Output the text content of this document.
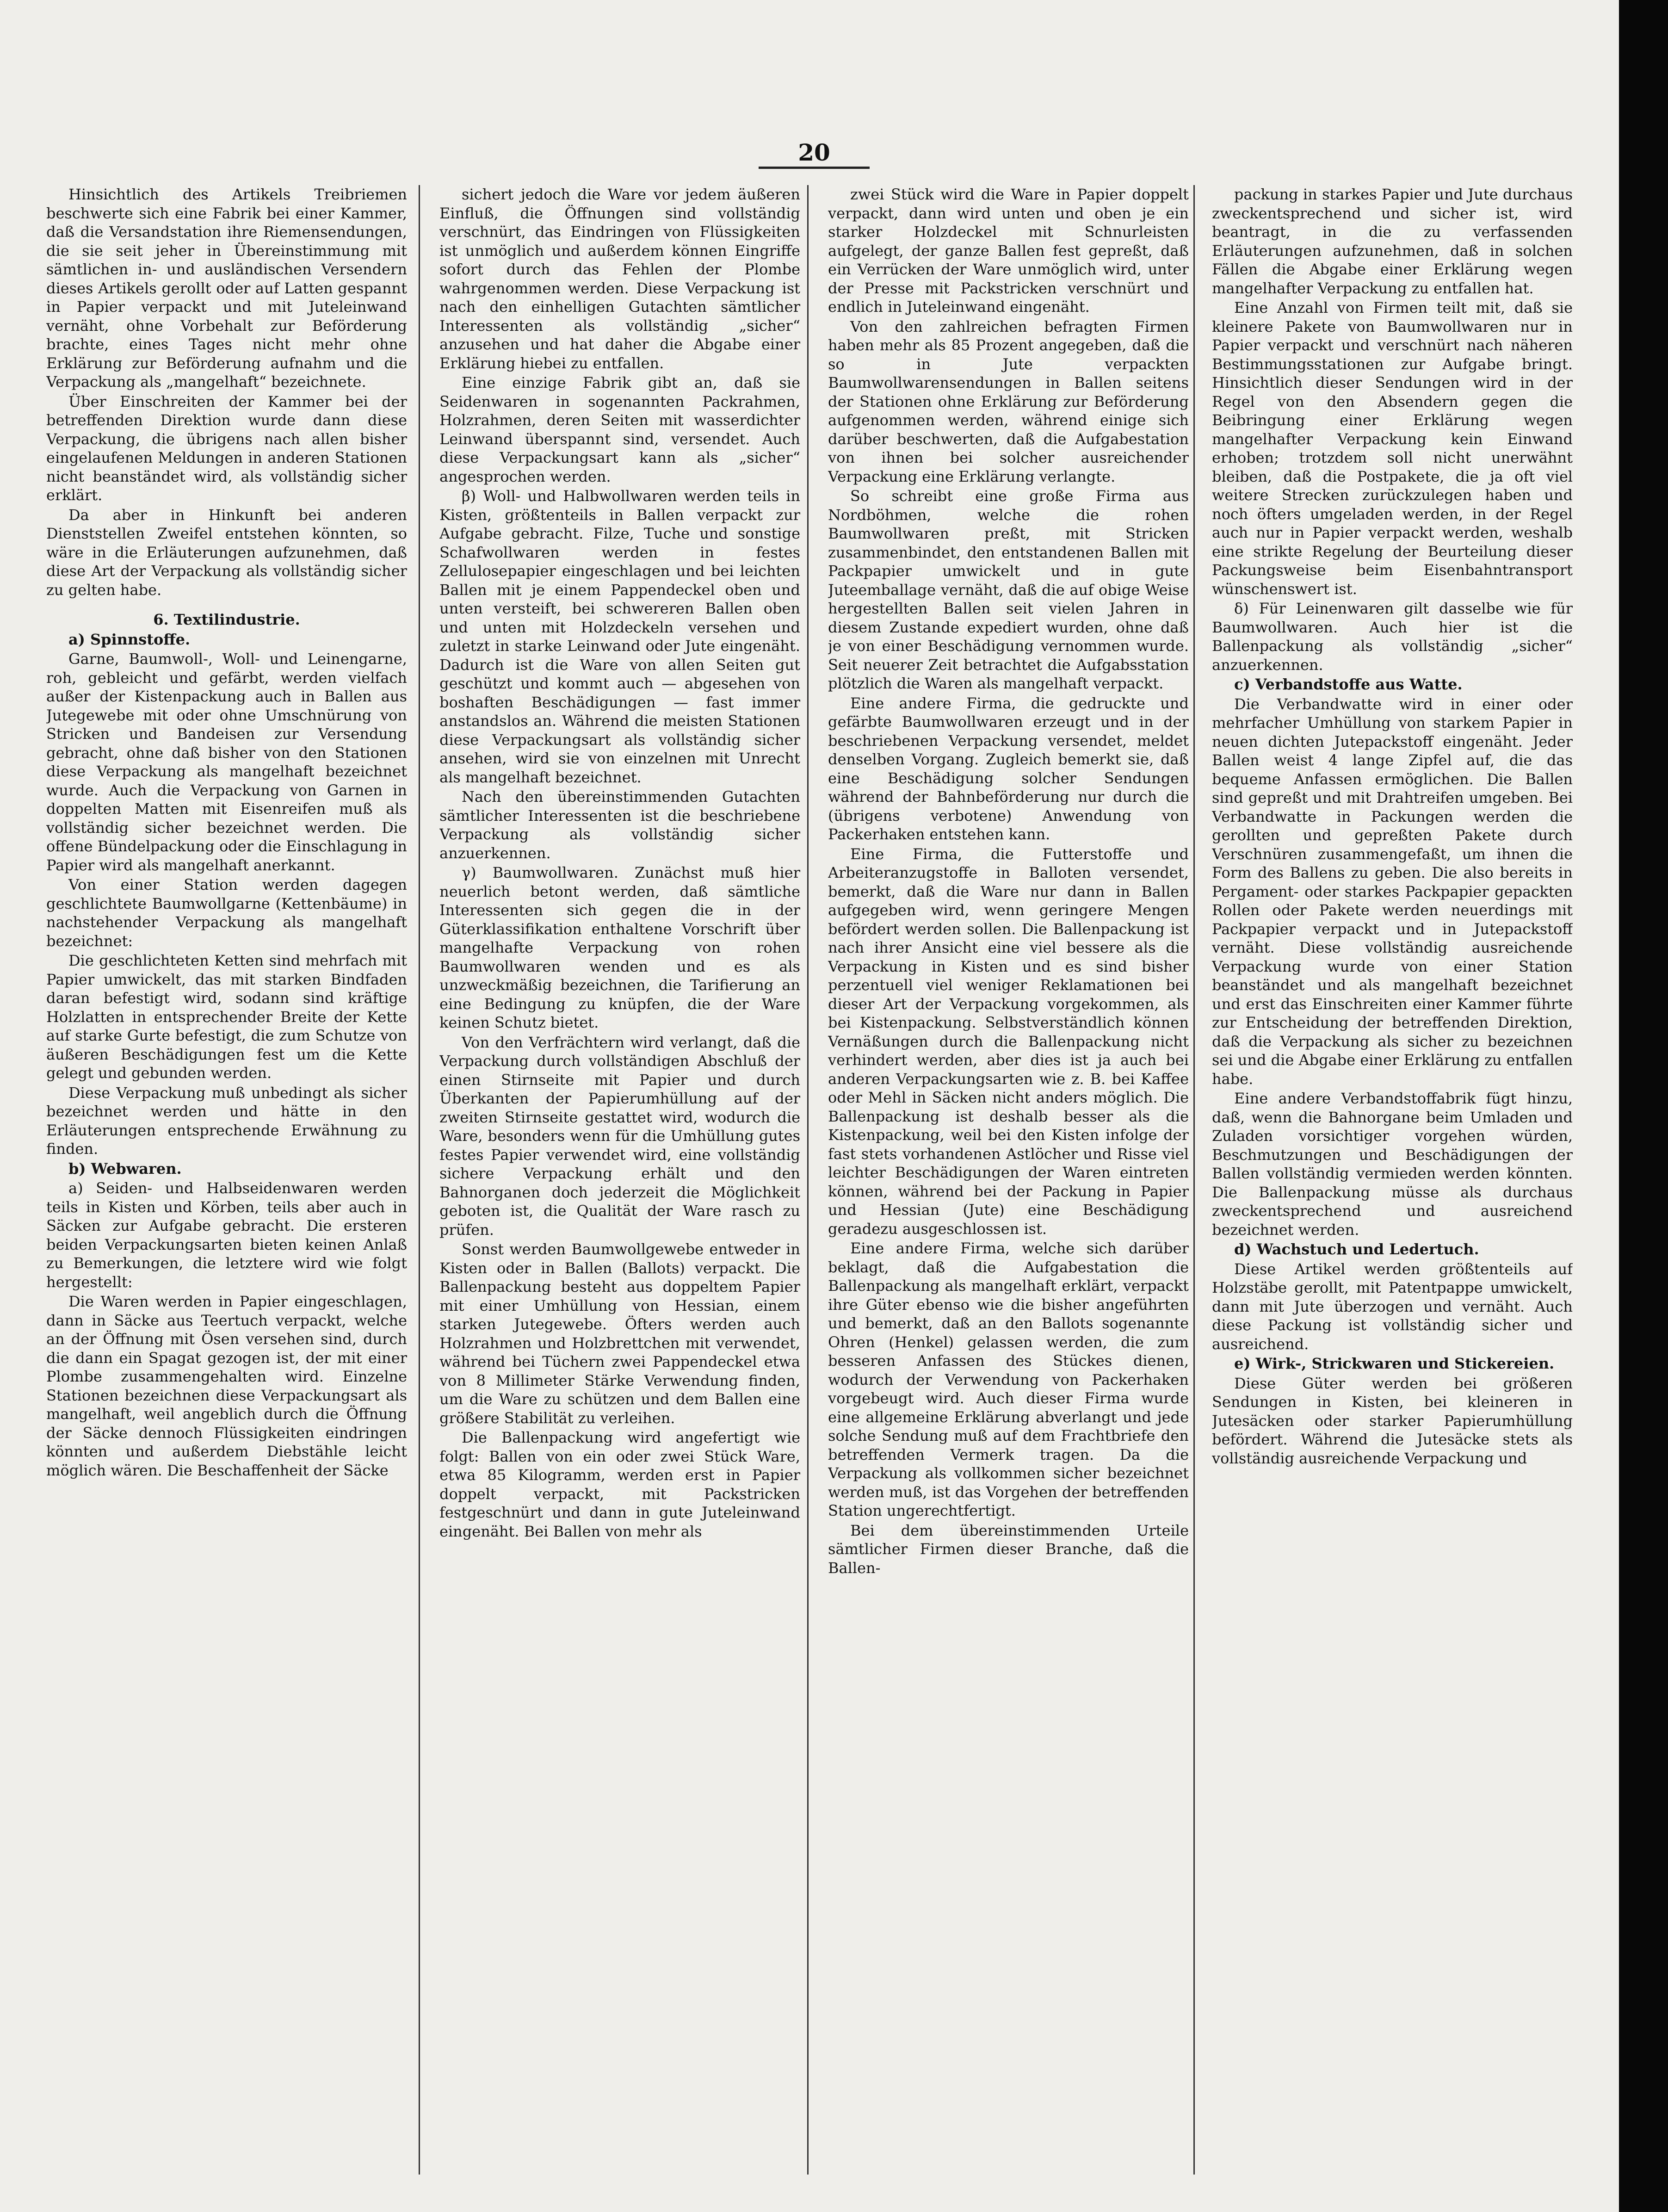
20

Hinsichtlich des Artikels Treibriemen beschwerte sich eine Fabrik bei einer Kammer, daß die Versandstation ihre Riemensendungen, die sie seit jeher in Übereinstimmung mit sämtlichen in- und ausländischen Versendern dieses Artikels gerollt oder auf Latten gespannt in Papier verpackt und mit Juteleinwand vernäht, ohne Vorbehalt zur Beförderung brachte, eines Tages nicht mehr ohne Erklärung zur Beförderung aufnahm und die Verpackung als „mangelhaft“ bezeichnete.

Über Einschreiten der Kammer bei der betreffenden Direktion wurde dann diese Verpackung, die übrigens nach allen bisher eingelaufenen Meldungen in anderen Stationen nicht beanständet wird, als vollständig sicher erklärt.

Da aber in Hinkunft bei anderen Dienststellen Zweifel entstehen könnten, so wäre in die Erläuterungen aufzunehmen, daß diese Art der Verpackung als vollständig sicher zu gelten habe.

6. Textilindustrie.

a) Spinnstoffe.

Garne, Baumwoll-, Woll- und Leinengarne, roh, gebleicht und gefärbt, werden vielfach außer der Kistenpackung auch in Ballen aus Jutegewebe mit oder ohne Umschnürung von Stricken und Bandeisen zur Versendung gebracht, ohne daß bisher von den Stationen diese Verpackung als mangelhaft bezeichnet wurde. Auch die Verpackung von Garnen in doppelten Matten mit Eisenreifen muß als vollständig sicher bezeichnet werden. Die offene Bündelpackung oder die Einschlagung in Papier wird als mangelhaft anerkannt.

Von einer Station werden dagegen geschlichtete Baumwollgarne (Kettenbäume) in nachstehender Verpackung als mangelhaft bezeichnet:

Die geschlichteten Ketten sind mehrfach mit Papier umwickelt, das mit starken Bindfaden daran befestigt wird, sodann sind kräftige Holzlatten in entsprechender Breite der Kette auf starke Gurte befestigt, die zum Schutze von äußeren Beschädigungen fest um die Kette gelegt und gebunden werden.

Diese Verpackung muß unbedingt als sicher bezeichnet werden und hätte in den Erläuterungen entsprechende Erwähnung zu finden.

b) Webwaren.

a) Seiden- und Halbseidenwaren werden teils in Kisten und Körben, teils aber auch in Säcken zur Aufgabe gebracht. Die ersteren beiden Verpackungsarten bieten keinen Anlaß zu Bemerkungen, die letztere wird wie folgt hergestellt:

Die Waren werden in Papier eingeschlagen, dann in Säcke aus Teertuch verpackt, welche an der Öffnung mit Ösen versehen sind, durch die dann ein Spagat gezogen ist, der mit einer Plombe zusammengehalten wird. Einzelne Stationen bezeichnen diese Verpackungsart als mangelhaft, weil angeblich durch die Öffnung der Säcke dennoch Flüssigkeiten eindringen könnten und außerdem Diebstähle leicht möglich wären. Die Beschaffenheit der Säcke

sichert jedoch die Ware vor jedem äußeren Einfluß, die Öffnungen sind vollständig verschnürt, das Eindringen von Flüssigkeiten ist unmöglich und außerdem können Eingriffe sofort durch das Fehlen der Plombe wahrgenommen werden. Diese Verpackung ist nach den einhelligen Gutachten sämtlicher Interessenten als vollständig „sicher“ anzusehen und hat daher die Abgabe einer Erklärung hiebei zu entfallen.

Eine einzige Fabrik gibt an, daß sie Seidenwaren in sogenannten Packrahmen, Holzrahmen, deren Seiten mit wasserdichter Leinwand überspannt sind, versendet. Auch diese Verpackungsart kann als „sicher“ angesprochen werden.

β) Woll- und Halbwollwaren werden teils in Kisten, größtenteils in Ballen verpackt zur Aufgabe gebracht. Filze, Tuche und sonstige Schafwollwaren werden in festes Zellulosepapier eingeschlagen und bei leichten Ballen mit je einem Pappendeckel oben und unten versteift, bei schwereren Ballen oben und unten mit Holzdeckeln versehen und zuletzt in starke Leinwand oder Jute eingenäht. Dadurch ist die Ware von allen Seiten gut geschützt und kommt auch — abgesehen von boshaften Beschädigungen — fast immer anstandslos an. Während die meisten Stationen diese Verpackungsart als vollständig sicher ansehen, wird sie von einzelnen mit Unrecht als mangelhaft bezeichnet.

Nach den übereinstimmenden Gutachten sämtlicher Interessenten ist die beschriebene Verpackung als vollständig sicher anzuerkennen.

γ) Baumwollwaren. Zunächst muß hier neuerlich betont werden, daß sämtliche Interessenten sich gegen die in der Güterklassifikation enthaltene Vorschrift über mangelhafte Verpackung von rohen Baumwollwaren wenden und es als unzweckmäßig bezeichnen, die Tarifierung an eine Bedingung zu knüpfen, die der Ware keinen Schutz bietet.

Von den Verfrächtern wird verlangt, daß die Verpackung durch vollständigen Abschluß der einen Stirnseite mit Papier und durch Überkanten der Papierumhüllung auf der zweiten Stirnseite gestattet wird, wodurch die Ware, besonders wenn für die Umhüllung gutes festes Papier verwendet wird, eine vollständig sichere Verpackung erhält und den Bahnorganen doch jederzeit die Möglichkeit geboten ist, die Qualität der Ware rasch zu prüfen.

Sonst werden Baumwollgewebe entweder in Kisten oder in Ballen (Ballots) verpackt. Die Ballenpackung besteht aus doppeltem Papier mit einer Umhüllung von Hessian, einem starken Jutegewebe. Öfters werden auch Holzrahmen und Holzbrettchen mit verwendet, während bei Tüchern zwei Pappendeckel etwa von 8 Millimeter Stärke Verwendung finden, um die Ware zu schützen und dem Ballen eine größere Stabilität zu verleihen.

Die Ballenpackung wird angefertigt wie folgt: Ballen von ein oder zwei Stück Ware, etwa 85 Kilogramm, werden erst in Papier doppelt verpackt, mit Packstricken festgeschnürt und dann in gute Juteleinwand eingenäht. Bei Ballen von mehr als

zwei Stück wird die Ware in Papier doppelt verpackt, dann wird unten und oben je ein starker Holzdeckel mit Schnurleisten aufgelegt, der ganze Ballen fest gepreßt, daß ein Verrücken der Ware unmöglich wird, unter der Presse mit Packstricken verschnürt und endlich in Juteleinwand eingenäht.

Von den zahlreichen befragten Firmen haben mehr als 85 Prozent angegeben, daß die so in Jute verpackten Baumwollwarensendungen in Ballen seitens der Stationen ohne Erklärung zur Beförderung aufgenommen werden, während einige sich darüber beschwerten, daß die Aufgabestation von ihnen bei solcher ausreichender Verpackung eine Erklärung verlangte.

So schreibt eine große Firma aus Nordböhmen, welche die rohen Baumwollwaren preßt, mit Stricken zusammenbindet, den entstandenen Ballen mit Packpapier umwickelt und in gute Juteemballage vernäht, daß die auf obige Weise hergestellten Ballen seit vielen Jahren in diesem Zustande expediert wurden, ohne daß je von einer Beschädigung vernommen wurde. Seit neuerer Zeit betrachtet die Aufgabsstation plötzlich die Waren als mangelhaft verpackt.

Eine andere Firma, die gedruckte und gefärbte Baumwollwaren erzeugt und in der beschriebenen Verpackung versendet, meldet denselben Vorgang. Zugleich bemerkt sie, daß eine Beschädigung solcher Sendungen während der Bahnbeförderung nur durch die (übrigens verbotene) Anwendung von Packerhaken entstehen kann.

Eine Firma, die Futterstoffe und Arbeiteranzugstoffe in Balloten versendet, bemerkt, daß die Ware nur dann in Ballen aufgegeben wird, wenn geringere Mengen befördert werden sollen. Die Ballenpackung ist nach ihrer Ansicht eine viel bessere als die Verpackung in Kisten und es sind bisher perzentuell viel weniger Reklamationen bei dieser Art der Verpackung vorgekommen, als bei Kistenpackung. Selbstverständlich können Vernäßungen durch die Ballenpackung nicht verhindert werden, aber dies ist ja auch bei anderen Verpackungsarten wie z. B. bei Kaffee oder Mehl in Säcken nicht anders möglich. Die Ballenpackung ist deshalb besser als die Kistenpackung, weil bei den Kisten infolge der fast stets vorhandenen Astlöcher und Risse viel leichter Beschädigungen der Waren eintreten können, während bei der Packung in Papier und Hessian (Jute) eine Beschädigung geradezu ausgeschlossen ist.

Eine andere Firma, welche sich darüber beklagt, daß die Aufgabestation die Ballenpackung als mangelhaft erklärt, verpackt ihre Güter ebenso wie die bisher angeführten und bemerkt, daß an den Ballots sogenannte Ohren (Henkel) gelassen werden, die zum besseren Anfassen des Stückes dienen, wodurch der Verwendung von Packerhaken vorgebeugt wird. Auch dieser Firma wurde eine allgemeine Erklärung abverlangt und jede solche Sendung muß auf dem Frachtbriefe den betreffenden Vermerk tragen. Da die Verpackung als vollkommen sicher bezeichnet werden muß, ist das Vorgehen der betreffenden Station ungerechtfertigt.

Bei dem übereinstimmenden Urteile sämtlicher Firmen dieser Branche, daß die Ballen-

packung in starkes Papier und Jute durchaus zweckentsprechend und sicher ist, wird beantragt, in die zu verfassenden Erläuterungen aufzunehmen, daß in solchen Fällen die Abgabe einer Erklärung wegen mangelhafter Verpackung zu entfallen hat.

Eine Anzahl von Firmen teilt mit, daß sie kleinere Pakete von Baumwollwaren nur in Papier verpackt und verschnürt nach näheren Bestimmungsstationen zur Aufgabe bringt. Hinsichtlich dieser Sendungen wird in der Regel von den Absendern gegen die Beibringung einer Erklärung wegen mangelhafter Verpackung kein Einwand erhoben; trotzdem soll nicht unerwähnt bleiben, daß die Postpakete, die ja oft viel weitere Strecken zurückzulegen haben und noch öfters umgeladen werden, in der Regel auch nur in Papier verpackt werden, weshalb eine strikte Regelung der Beurteilung dieser Packungsweise beim Eisenbahntransport wünschenswert ist.

δ) Für Leinenwaren gilt dasselbe wie für Baumwollwaren. Auch hier ist die Ballenpackung als vollständig „sicher“ anzuerkennen.

c) Verbandstoffe aus Watte.

Die Verbandwatte wird in einer oder mehrfacher Umhüllung von starkem Papier in neuen dichten Jutepackstoff eingenäht. Jeder Ballen weist 4 lange Zipfel auf, die das bequeme Anfassen ermöglichen. Die Ballen sind gepreßt und mit Drahtreifen umgeben. Bei Verbandwatte in Packungen werden die gerollten und gepreßten Pakete durch Verschnüren zusammengefaßt, um ihnen die Form des Ballens zu geben. Die also bereits in Pergament- oder starkes Packpapier gepackten Rollen oder Pakete werden neuerdings mit Packpapier verpackt und in Jutepackstoff vernäht. Diese vollständig ausreichende Verpackung wurde von einer Station beanständet und als mangelhaft bezeichnet und erst das Einschreiten einer Kammer führte zur Entscheidung der betreffenden Direktion, daß die Verpackung als sicher zu bezeichnen sei und die Abgabe einer Erklärung zu entfallen habe.

Eine andere Verbandstoffabrik fügt hinzu, daß, wenn die Bahnorgane beim Umladen und Zuladen vorsichtiger vorgehen würden, Beschmutzungen und Beschädigungen der Ballen vollständig vermieden werden könnten. Die Ballenpackung müsse als durchaus zweckentsprechend und ausreichend bezeichnet werden.

d) Wachstuch und Ledertuch.

Diese Artikel werden größtenteils auf Holzstäbe gerollt, mit Patentpappe umwickelt, dann mit Jute überzogen und vernäht. Auch diese Packung ist vollständig sicher und ausreichend.

e) Wirk-, Strickwaren und Stickereien.

Diese Güter werden bei größeren Sendungen in Kisten, bei kleineren in Jutesäcken oder starker Papierumhüllung befördert. Während die Jutesäcke stets als vollständig ausreichende Verpackung und
